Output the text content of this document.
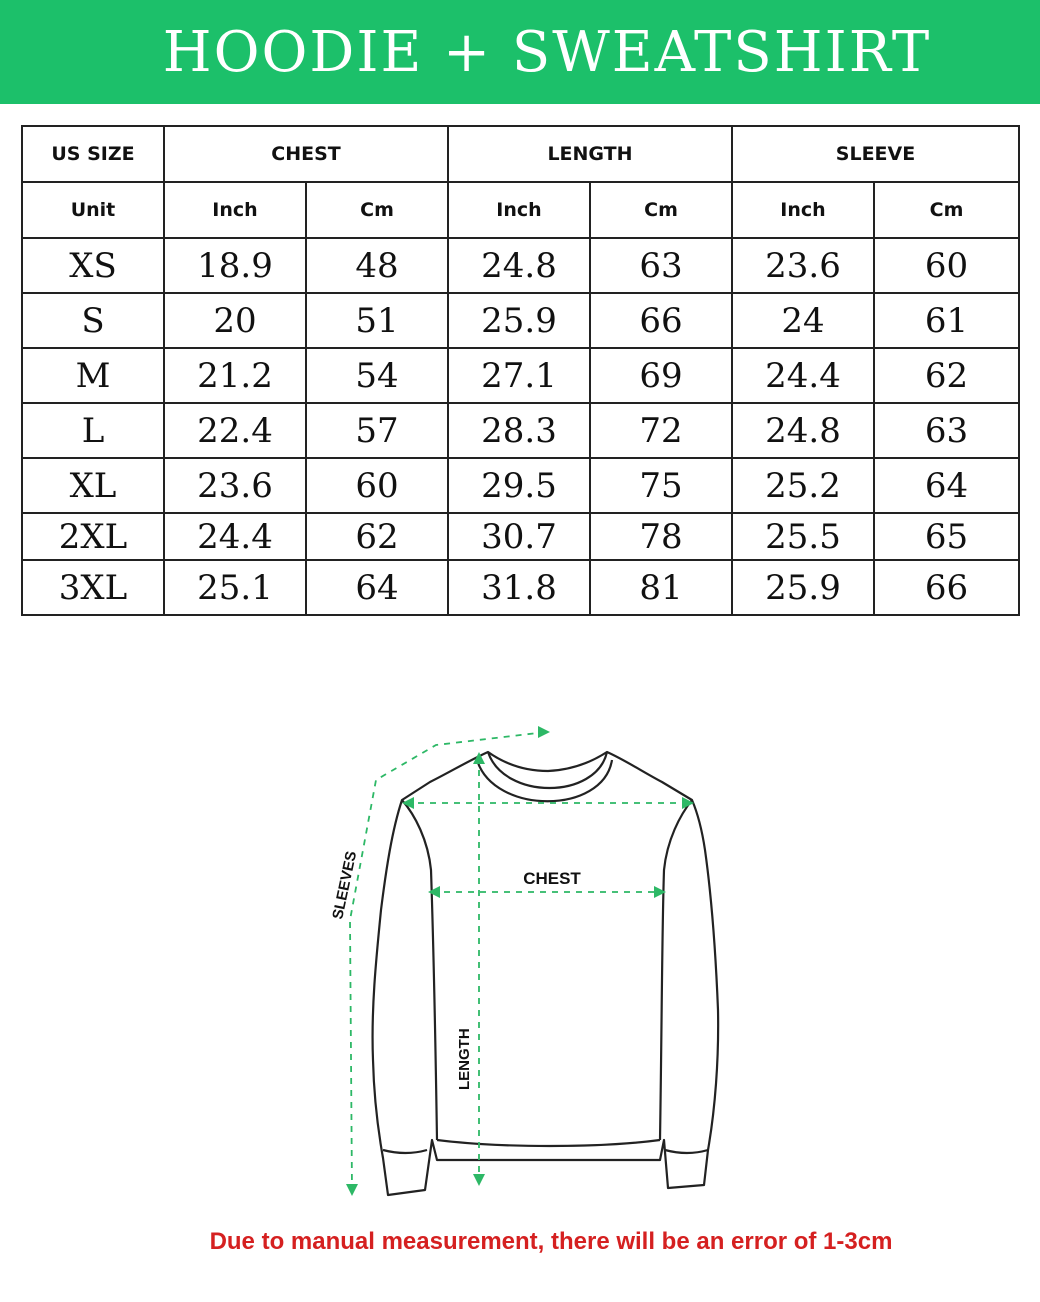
HOODIE + SWEATSHIRT
US SIZE	CHEST		LENGTH		SLEEVE	
Unit	Inch	Cm	Inch	Cm	Inch	Cm
XS	18.9	48	24.8	63	23.6	60
S	20	51	25.9	66	24	61
M	21.2	54	27.1	69	24.4	62
L	22.4	57	28.3	72	24.8	63
XL	23.6	60	29.5	75	25.2	64
2XL	24.4	62	30.7	78	25.5	65
3XL	25.1	64	31.8	81	25.9	66
CHEST
SLEEVES
LENGTH
Due to manual measurement, there will be an error of 1-3cm
